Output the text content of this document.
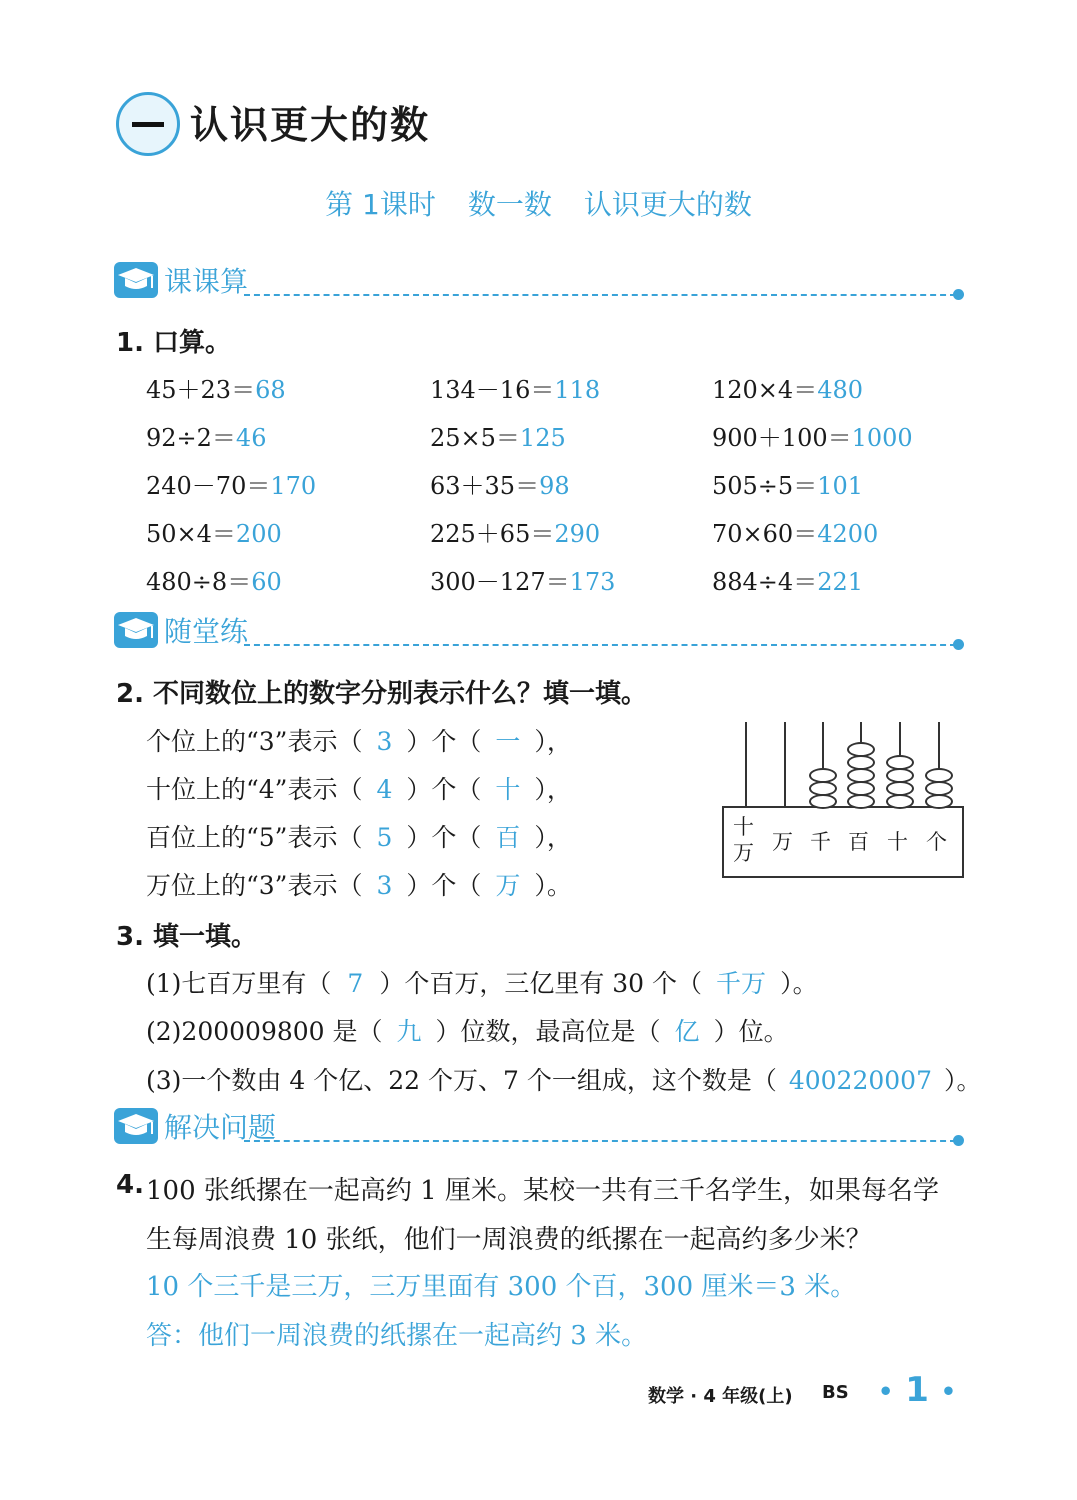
认识更大的数
第 1课时 数一数 认识更大的数
课课算
1. 口算。
45＋23＝68	134－16＝118	120×4＝480
92÷2＝46	25×5＝125	900＋100＝1000
240－70＝170	63＋35＝98	505÷5＝101
50×4＝200	225＋65＝290	70×60＝4200
480÷8＝60	300－127＝173	884÷4＝221
随堂练
2. 不同数位上的数字分别表示什么？填一填。
个位上的“3”表示（ 3 ）个（ 一 ），
十位上的“4”表示（ 4 ）个（ 十 ），
百位上的“5”表示（ 5 ）个（ 百 ），
万位上的“3”表示（ 3 ）个（ 万 ）。
十万 万 千 百 十 个
3. 填一填。
(1)七百万里有（ 7 ）个百万，三亿里有 30 个（ 千万 ）。
(2)200009800 是（ 九 ）位数，最高位是（ 亿 ）位。
(3)一个数由 4 个亿、22 个万、7 个一组成，这个数是（ 400220007 ）。
解决问题
4. 100 张纸摞在一起高约 1 厘米。某校一共有三千名学生，如果每名学
生每周浪费 10 张纸，他们一周浪费的纸摞在一起高约多少米？
10 个三千是三万，三万里面有 300 个百，300 厘米＝3 米。
答：他们一周浪费的纸摞在一起高约 3 米。
数学 · 4 年级(上) BS • 1 •
